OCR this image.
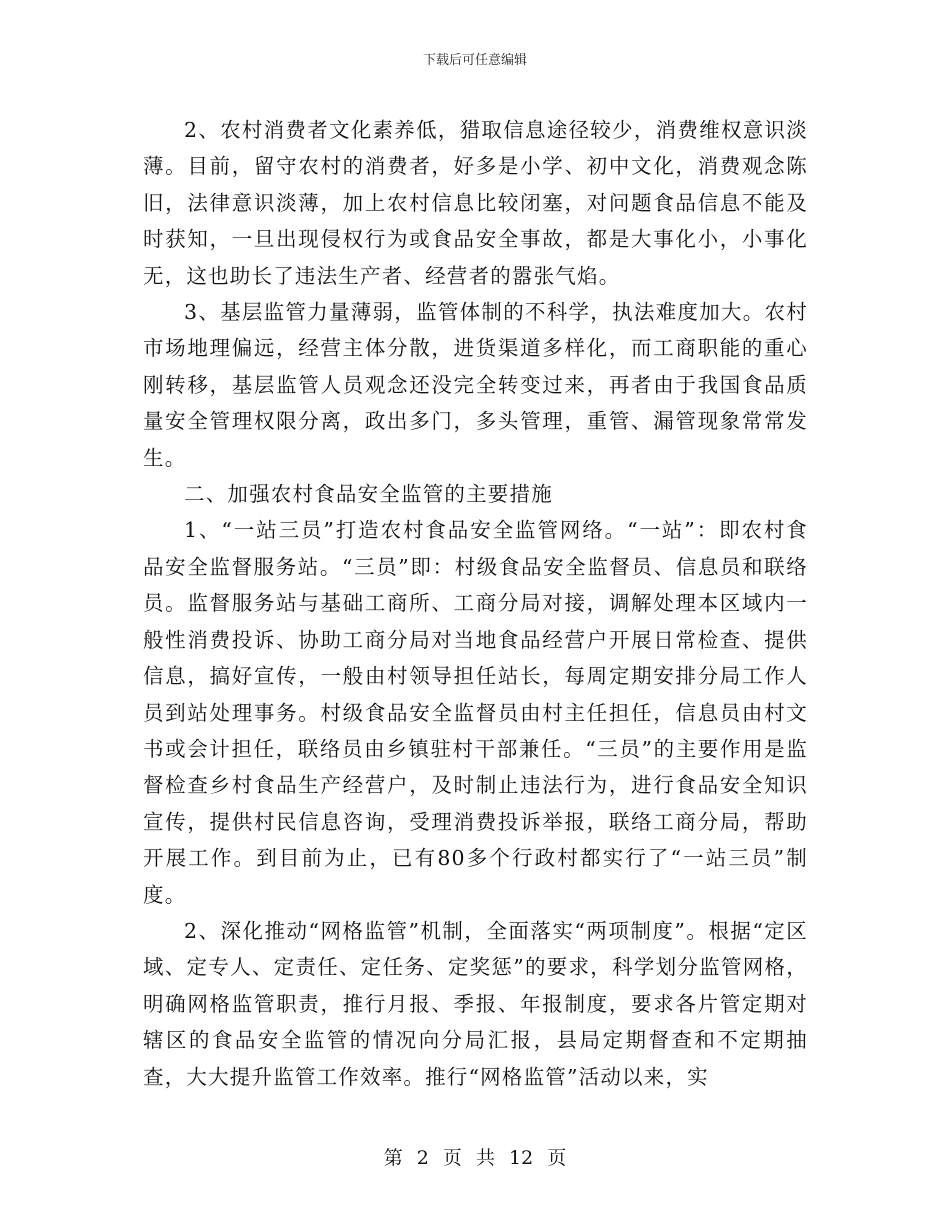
下载后可任意编辑

2、农村消费者文化素养低，猎取信息途径较少，消费维权意识淡薄。目前，留守农村的消费者，好多是小学、初中文化，消费观念陈旧，法律意识淡薄，加上农村信息比较闭塞，对问题食品信息不能及时获知，一旦出现侵权行为或食品安全事故，都是大事化小，小事化无，这也助长了违法生产者、经营者的嚣张气焰。

3、基层监管力量薄弱，监管体制的不科学，执法难度加大。农村市场地理偏远，经营主体分散，进货渠道多样化，而工商职能的重心刚转移，基层监管人员观念还没完全转变过来，再者由于我国食品质量安全管理权限分离，政出多门，多头管理，重管、漏管现象常常发生。

二、加强农村食品安全监管的主要措施

1、“一站三员”打造农村食品安全监管网络。“一站”：即农村食品安全监督服务站。“三员”即：村级食品安全监督员、信息员和联络员。监督服务站与基础工商所、工商分局对接，调解处理本区域内一般性消费投诉、协助工商分局对当地食品经营户开展日常检查、提供信息，搞好宣传，一般由村领导担任站长，每周定期安排分局工作人员到站处理事务。村级食品安全监督员由村主任担任，信息员由村文书或会计担任，联络员由乡镇驻村干部兼任。“三员”的主要作用是监督检查乡村食品生产经营户，及时制止违法行为，进行食品安全知识宣传，提供村民信息咨询，受理消费投诉举报，联络工商分局，帮助开展工作。到目前为止，已有80多个行政村都实行了“一站三员”制度。

2、深化推动“网格监管”机制，全面落实“两项制度”。根据“定区域、定专人、定责任、定任务、定奖惩”的要求，科学划分监管网格，明确网格监管职责，推行月报、季报、年报制度，要求各片管定期对辖区的食品安全监管的情况向分局汇报，县局定期督查和不定期抽查，大大提升监管工作效率。推行“网格监管”活动以来，实

第 2 页 共 12 页
